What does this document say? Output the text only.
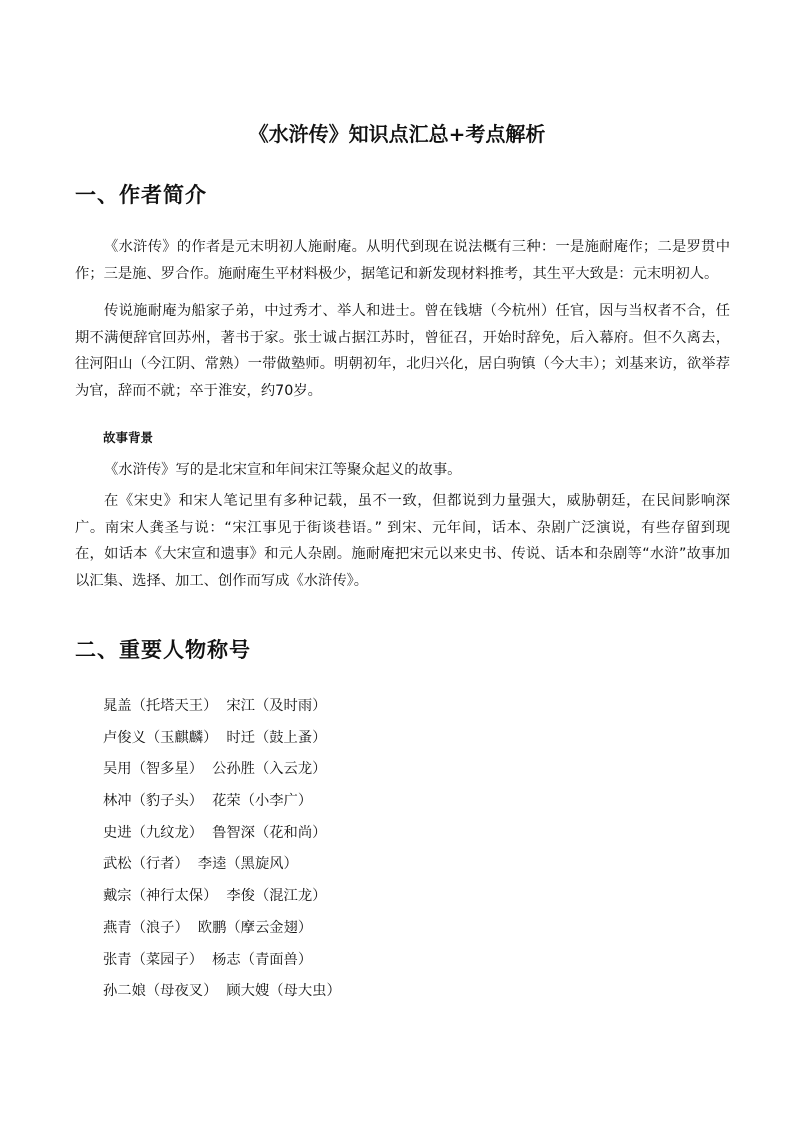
《水浒传》知识点汇总+考点解析
一、作者简介

《水浒传》的作者是元末明初人施耐庵。从明代到现在说法概有三种：一是施耐庵作；二是罗贯中作；三是施、罗合作。施耐庵生平材料极少，据笔记和新发现材料推考，其生平大致是：元末明初人。

传说施耐庵为船家子弟，中过秀才、举人和进士。曾在钱塘（今杭州）任官，因与当权者不合，任期不满便辞官回苏州，著书于家。张士诚占据江苏时，曾征召，开始时辞免，后入幕府。但不久离去，往河阳山（今江阴、常熟）一带做塾师。明朝初年，北归兴化，居白驹镇（今大丰）；刘基来访，欲举荐为官，辞而不就；卒于淮安，约70岁。

故事背景

《水浒传》写的是北宋宣和年间宋江等聚众起义的故事。

在《宋史》和宋人笔记里有多种记载，虽不一致，但都说到力量强大，威胁朝廷，在民间影响深广。南宋人龚圣与说：“宋江事见于街谈巷语。” 到宋、元年间，话本、杂剧广泛演说，有些存留到现在，如话本《大宋宣和遗事》和元人杂剧。施耐庵把宋元以来史书、传说、话本和杂剧等“水浒”故事加以汇集、选择、加工、创作而写成《水浒传》。

二、重要人物称号
晁盖（托塔天王） 宋江（及时雨）
卢俊义（玉麒麟） 时迁（鼓上蚤）
吴用（智多星） 公孙胜（入云龙）
林冲（豹子头） 花荣（小李广）
史进（九纹龙） 鲁智深（花和尚）
武松（行者） 李逵（黑旋风）
戴宗（神行太保） 李俊（混江龙）
燕青（浪子） 欧鹏（摩云金翅）
张青（菜园子） 杨志（青面兽）
孙二娘（母夜叉） 顾大嫂（母大虫）
